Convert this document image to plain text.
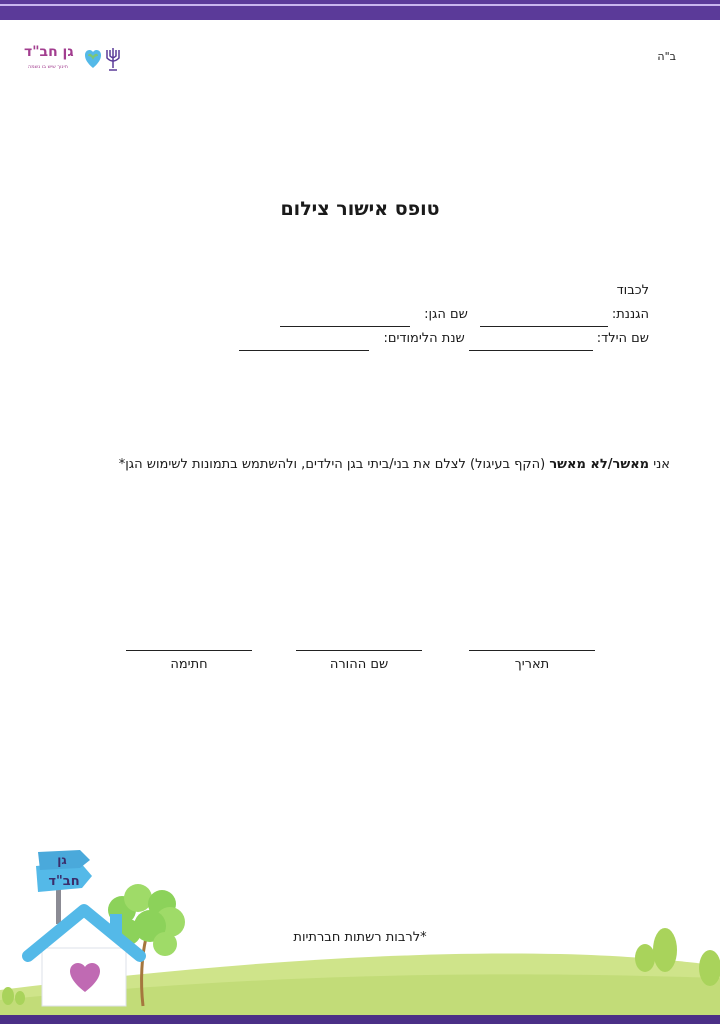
ב"ה
גן חב"ד
חינוך שיש בו נשמה
טופס אישור צילום
לכבוד
הגננת:
שם הגן:
שם הילד:
שנת הלימודים:
אני מאשר/לא מאשר (הקף בעיגול) לצלם את בני/ביתי בגן הילדים, ולהשתמש בתמונות לשימוש הגן*
תאריך
שם ההורה
חתימה
גן
חב"ד
*לרבות רשתות חברתיות
